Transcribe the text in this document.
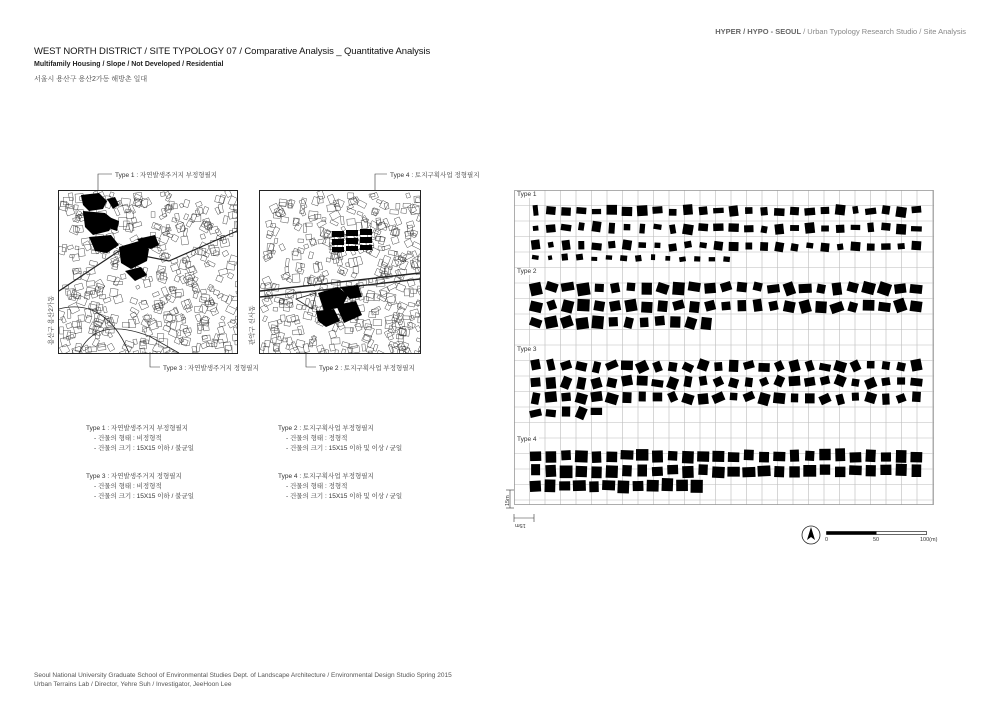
HYPER / HYPO - SEOUL / Urban Typology Research Studio / Site Analysis
WEST NORTH DISTRICT / SITE TYPOLOGY 07 / Comparative Analysis _ Quantitative Analysis
Multifamily Housing / Slope / Not Developed / Residential
서울시 용산구 용산2가동 해방촌 일대
용산구 용산2가동	관악구 신사동
Type 1 : 자연발생주거지 부정형필지	Type 4 : 토지구획사업 정형필지
Type 3 : 자연발생주거지 정형필지	Type 2 : 토지구획사업 부정형필지
Type 1 : 자연발생주거지 부정형필지
- 건물의 형태 : 비정형적
- 건물의 크기 : 15X15 이하 / 불균일
Type 2 : 토지구획사업 부정형필지
- 건물의 형태 : 정형적
- 건물의 크기 : 15X15 이하 및 이상 / 균일
Type 3 : 자연발생주거지 정형필지
- 건물의 형태 : 비정형적
- 건물의 크기 : 15X15 이하 / 불균일
Type 4 : 토지구획사업 부정형필지
- 건물의 형태 : 정형적
- 건물의 크기 : 15X15 이하 및 이상 / 균일
Type 1
Type 2
Type 3
Type 4
15m
15m
0	50	100(m)
Seoul National University Graduate School of Environmental Studies Dept. of Landscape Architecture / Environmental Design Studio Spring 2015
Urban Terrains Lab / Director, Yehre Suh / Investigator, JeeHoon Lee
